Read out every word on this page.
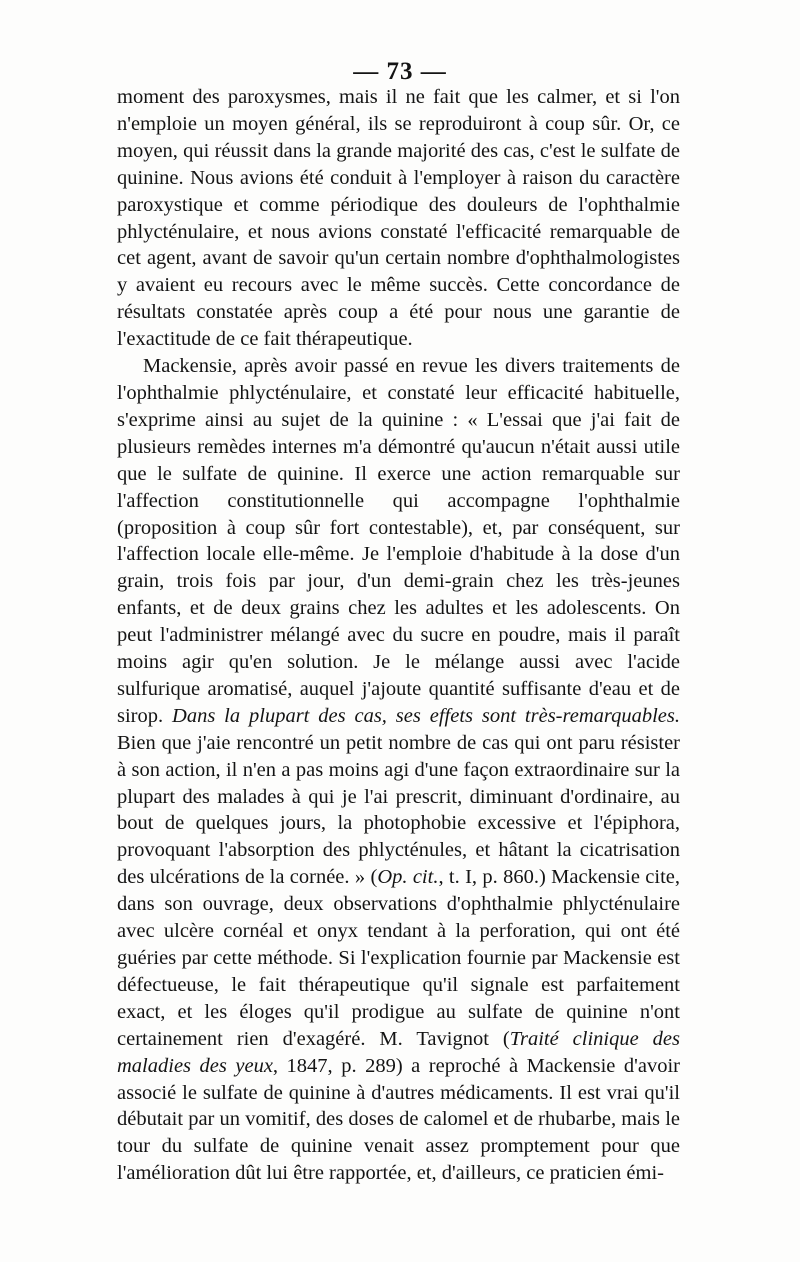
— 73 —

moment des paroxysmes, mais il ne fait que les calmer, et si l'on n'emploie un moyen général, ils se reproduiront à coup sûr. Or, ce moyen, qui réussit dans la grande majorité des cas, c'est le sulfate de quinine. Nous avions été conduit à l'employer à raison du caractère paroxystique et comme périodique des douleurs de l'ophthalmie phlycténulaire, et nous avions constaté l'efficacité remarquable de cet agent, avant de savoir qu'un certain nombre d'ophthalmologistes y avaient eu recours avec le même succès. Cette concordance de résultats constatée après coup a été pour nous une garantie de l'exactitude de ce fait thérapeutique.

Mackensie, après avoir passé en revue les divers traitements de l'ophthalmie phlycténulaire, et constaté leur efficacité habituelle, s'exprime ainsi au sujet de la quinine : « L'essai que j'ai fait de plusieurs remèdes internes m'a démontré qu'aucun n'était aussi utile que le sulfate de quinine. Il exerce une action remarquable sur l'affection constitutionnelle qui accompagne l'ophthalmie (proposition à coup sûr fort contestable), et, par conséquent, sur l'affection locale elle-même. Je l'emploie d'habitude à la dose d'un grain, trois fois par jour, d'un demi-grain chez les très-jeunes enfants, et de deux grains chez les adultes et les adolescents. On peut l'administrer mélangé avec du sucre en poudre, mais il paraît moins agir qu'en solution. Je le mélange aussi avec l'acide sulfurique aromatisé, auquel j'ajoute quantité suffisante d'eau et de sirop. Dans la plupart des cas, ses effets sont très-remarquables. Bien que j'aie rencontré un petit nombre de cas qui ont paru résister à son action, il n'en a pas moins agi d'une façon extraordinaire sur la plupart des malades à qui je l'ai prescrit, diminuant d'ordinaire, au bout de quelques jours, la photophobie excessive et l'épiphora, provoquant l'absorption des phlycténules, et hâtant la cicatrisation des ulcérations de la cornée. » (Op. cit., t. I, p. 860.) Mackensie cite, dans son ouvrage, deux observations d'ophthalmie phlycténulaire avec ulcère cornéal et onyx tendant à la perforation, qui ont été guéries par cette méthode. Si l'explication fournie par Mackensie est défectueuse, le fait thérapeutique qu'il signale est parfaitement exact, et les éloges qu'il prodigue au sulfate de quinine n'ont certainement rien d'exagéré. M. Tavignot (Traité clinique des maladies des yeux, 1847, p. 289) a reproché à Mackensie d'avoir associé le sulfate de quinine à d'autres médicaments. Il est vrai qu'il débutait par un vomitif, des doses de calomel et de rhubarbe, mais le tour du sulfate de quinine venait assez promptement pour que l'amélioration dût lui être rapportée, et, d'ailleurs, ce praticien émi-
